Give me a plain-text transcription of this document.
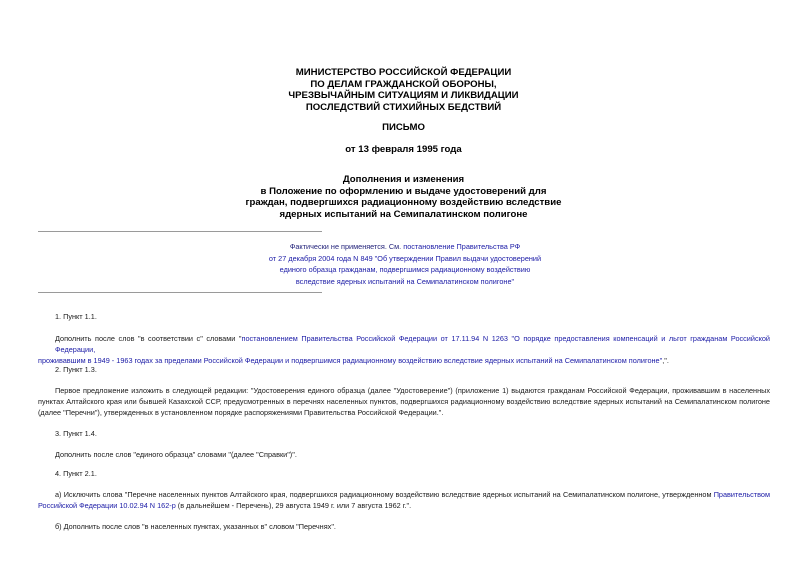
МИНИСТЕРСТВО РОССИЙСКОЙ ФЕДЕРАЦИИ
ПО ДЕЛАМ ГРАЖДАНСКОЙ ОБОРОНЫ,
ЧРЕЗВЫЧАЙНЫМ СИТУАЦИЯМ И ЛИКВИДАЦИИ
ПОСЛЕДСТВИЙ СТИХИЙНЫХ БЕДСТВИЙ
ПИСЬМО
от 13 февраля 1995 года
Дополнения и изменения
в Положение по оформлению и выдаче удостоверений для
граждан, подвергшихся радиационному воздействию вследствие
ядерных испытаний на Семипалатинском полигоне
Фактически не применяется. См. постановление Правительства РФ
от 27 декабря 2004 года N 849 "Об утверждении Правил выдачи удостоверений
единого образца гражданам, подвергшимся радиационному воздействию
вследствие ядерных испытаний на Семипалатинском полигоне"
1. Пункт 1.1.
Дополнить после слов "в соответствии с" словами "постановлением Правительства Российской Федерации от 17.11.94 N 1263 "О порядке предоставления компенсаций и льгот гражданам Российской Федерации,
проживавшим в 1949 - 1963 годах за пределами Российской Федерации и подвергшимся радиационному воздействию вследствие ядерных испытаний на Семипалатинском полигоне",".
2. Пункт 1.3.
Первое предложение изложить в следующей редакции: "Удостоверения единого образца (далее "Удостоверение") (приложение 1) выдаются гражданам Российской Федерации, проживавшим в населенных
пунктах Алтайского края или бывшей Казахской ССР, предусмотренных в перечнях населенных пунктов, подвергшихся радиационному воздействию вследствие ядерных испытаний на Семипалатинском полигоне
(далее "Перечни"), утвержденных в установленном порядке распоряжениями Правительства Российской Федерации.".
3. Пункт 1.4.
Дополнить после слов "единого образца" словами "(далее "Справки")".
4. Пункт 2.1.
а) Исключить слова "Перечне населенных пунктов Алтайского края, подвергшихся радиационному воздействию вследствие ядерных испытаний на Семипалатинском полигоне, утвержденном Правительством
Российской Федерации 10.02.94 N 162-р (в дальнейшем - Перечень), 29 августа 1949 г. или 7 августа 1962 г.".
б) Дополнить после слов "в населенных пунктах, указанных в" словом "Перечнях".
